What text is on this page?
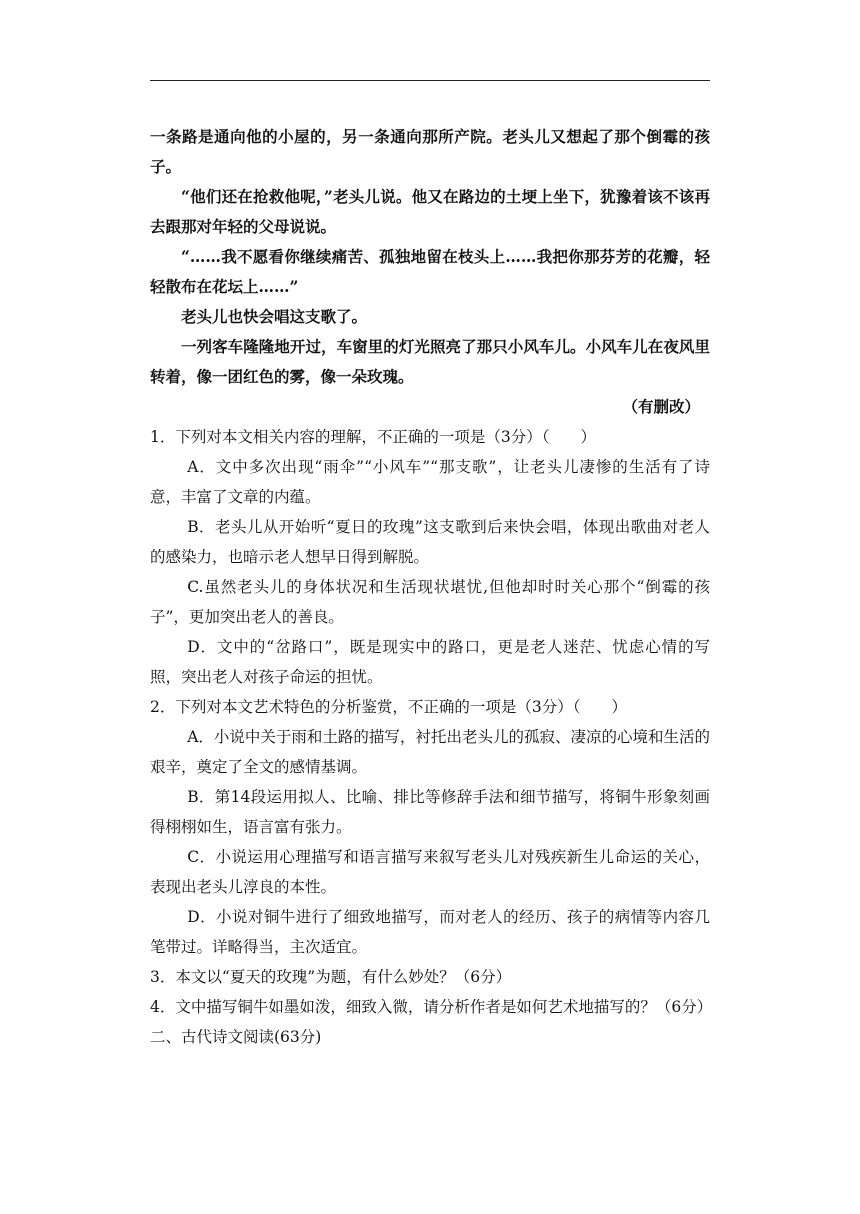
一条路是通向他的小屋的，另一条通向那所产院。老头儿又想起了那个倒霉的孩子。

“他们还在抢救他呢，”老头儿说。他又在路边的土埂上坐下，犹豫着该不该再去跟那对年轻的父母说说。

“……我不愿看你继续痛苦、孤独地留在枝头上……我把你那芬芳的花瓣，轻轻散布在花坛上……”

老头儿也快会唱这支歌了。

一列客车隆隆地开过，车窗里的灯光照亮了那只小风车儿。小风车儿在夜风里转着，像一团红色的雾，像一朵玫瑰。

（有删改）

1．下列对本文相关内容的理解，不正确的一项是（3分）（　　）

A．文中多次出现“雨伞”“小风车”“那支歌”，让老头儿凄惨的生活有了诗意，丰富了文章的内蕴。

B．老头儿从开始听“夏日的玫瑰”这支歌到后来快会唱，体现出歌曲对老人的感染力，也暗示老人想早日得到解脱。

C.虽然老头儿的身体状况和生活现状堪忧,但他却时时关心那个“倒霉的孩子”，更加突出老人的善良。

D．文中的“岔路口”，既是现实中的路口，更是老人迷茫、忧虑心情的写照，突出老人对孩子命运的担忧。

2．下列对本文艺术特色的分析鉴赏，不正确的一项是（3分）（　　）

A．小说中关于雨和土路的描写，衬托出老头儿的孤寂、凄凉的心境和生活的艰辛，奠定了全文的感情基调。

B．第14段运用拟人、比喻、排比等修辞手法和细节描写，将铜牛形象刻画得栩栩如生，语言富有张力。

C．小说运用心理描写和语言描写来叙写老头儿对残疾新生儿命运的关心，表现出老头儿淳良的本性。

D．小说对铜牛进行了细致地描写，而对老人的经历、孩子的病情等内容几笔带过。详略得当，主次适宜。

3．本文以“夏天的玫瑰”为题，有什么妙处？（6分）

4．文中描写铜牛如墨如泼，细致入微，请分析作者是如何艺术地描写的？（6分）

二、古代诗文阅读(63分)
